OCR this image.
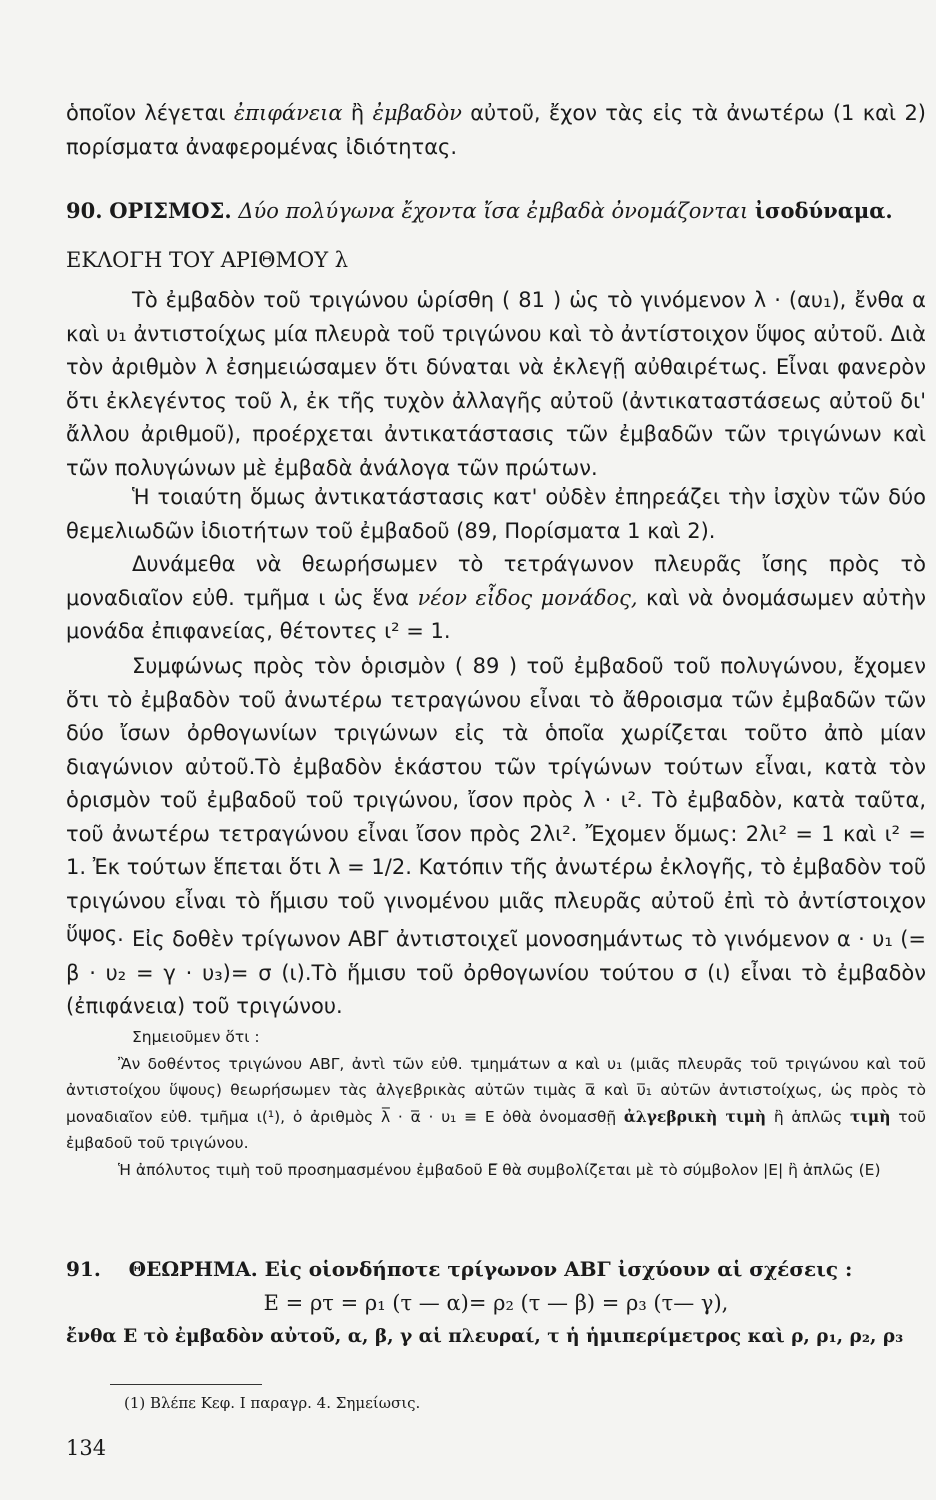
ὁποῖον λέγεται ἐπιφάνεια ἢ ἐμβαδὸν αὐτοῦ, ἔχον τὰς εἰς τὰ ἀνωτέρω (1 καὶ 2) πορίσματα ἀναφερομένας ἰδιότητας.

90. ΟΡΙΣΜΟΣ. Δύο πολύγωνα ἔχοντα ἴσα ἐμβαδὰ ὀνομάζονται ἰσοδύναμα.

ΕΚΛΟΓΗ ΤΟΥ ΑΡΙΘΜΟΥ λ

Τὸ ἐμβαδὸν τοῦ τριγώνου ὡρίσθη ( 81 ) ὡς τὸ γινόμενον λ · (αυ₁), ἔνθα α καὶ υ₁ ἀντιστοίχως μία πλευρὰ τοῦ τριγώνου καὶ τὸ ἀντίστοιχον ὕψος αὐτοῦ. Διὰ τὸν ἀριθμὸν λ ἐσημειώσαμεν ὅτι δύναται νὰ ἐκλεγῇ αὐθαιρέτως. Εἶναι φανερὸν ὅτι ἐκλεγέντος τοῦ λ, ἐκ τῆς τυχὸν ἀλλαγῆς αὐτοῦ (ἀντικαταστάσεως αὐτοῦ δι' ἄλλου ἀριθμοῦ), προέρχεται ἀντικατάστασις τῶν ἐμβαδῶν τῶν τριγώνων καὶ τῶν πολυγώνων μὲ ἐμβαδὰ ἀνάλογα τῶν πρώτων.

Ἡ τοιαύτη ὅμως ἀντικατάστασις κατ' οὐδὲν ἐπηρεάζει τὴν ἰσχὺν τῶν δύο θεμελιωδῶν ἰδιοτήτων τοῦ ἐμβαδοῦ (89, Πορίσματα 1 καὶ 2).

Δυνάμεθα νὰ θεωρήσωμεν τὸ τετράγωνον πλευρᾶς ἴσης πρὸς τὸ μοναδιαῖον εὐθ. τμῆμα ι ὡς ἕνα νέον εἶδος μονάδος, καὶ νὰ ὀνομάσωμεν αὐτὴν μονάδα ἐπιφανείας, θέτοντες ι² = 1.

Συμφώνως πρὸς τὸν ὁρισμὸν ( 89 ) τοῦ ἐμβαδοῦ τοῦ πολυγώνου, ἔχομεν ὅτι τὸ ἐμβαδὸν τοῦ ἀνωτέρω τετραγώνου εἶναι τὸ ἄθροισμα τῶν ἐμβαδῶν τῶν δύο ἴσων ὀρθογωνίων τριγώνων εἰς τὰ ὁποῖα χωρίζεται τοῦτο ἀπὸ μίαν διαγώνιον αὐτοῦ.Τὸ ἐμβαδὸν ἑκάστου τῶν τρίγώνων τούτων εἶναι, κατὰ τὸν ὁρισμὸν τοῦ ἐμβαδοῦ τοῦ τριγώνου, ἴσον πρὸς λ · ι². Τὸ ἐμβαδὸν, κατὰ ταῦτα, τοῦ ἀνωτέρω τετραγώνου εἶναι ἴσον πρὸς 2λι². Ἔχομεν ὅμως: 2λι² = 1 καὶ ι² = 1. Ἐκ τούτων ἕπεται ὅτι λ = 1/2. Κατόπιν τῆς ἀνωτέρω ἐκλογῆς, τὸ ἐμβαδὸν τοῦ τριγώνου εἶναι τὸ ἥμισυ τοῦ γινομένου μιᾶς πλευρᾶς αὐτοῦ ἐπὶ τὸ ἀντίστοιχον ὕψος. Εἰς δοθὲν τρίγωνον ΑΒΓ ἀντιστοιχεῖ μονοσημάντως τὸ γινόμενον α · υ₁ (= β · υ₂ = γ · υ₃)= σ (ι).Τὸ ἥμισυ τοῦ ὀρθογωνίου τούτου σ (ι) εἶναι τὸ ἐμβαδὸν (ἐπιφάνεια) τοῦ τριγώνου.

Σημειοῦμεν ὅτι :

Ἂν δοθέντος τριγώνου ΑΒΓ, ἀντὶ τῶν εὐθ. τμημάτων α καὶ υ₁ (μιᾶς πλευρᾶς τοῦ τριγώνου καὶ τοῦ ἀντιστοίχου ὕψους) θεωρήσωμεν τὰς ἀλγεβρικὰς αὐτῶν τιμὰς α̅ καὶ υ̅₁ αὐτῶν ἀντιστοίχως, ὡς πρὸς τὸ μοναδιαῖον εὐθ. τμῆμα ι(¹), ὁ ἀριθμὸς λ̅ · α̅ · υ₁ ≡ Ε ὀθὰ ὀνομασθῇ ἀλγεβρικὴ τιμὴ ἢ ἁπλῶς τιμὴ τοῦ ἐμβαδοῦ τοῦ τριγώνου.

Ἡ ἀπόλυτος τιμὴ τοῦ προσημασμένου ἐμβαδοῦ Ε̅ θὰ συμβολίζεται μὲ τὸ σύμβολον |Ε| ἢ ἁπλῶς (Ε)

91. ΘΕΩΡΗΜΑ. Εἰς οἱονδήποτε τρίγωνον ΑΒΓ ἰσχύουν αἱ σχέσεις :

Ε = ρτ = ρ₁ (τ — α)= ρ₂ (τ — β) = ρ₃ (τ— γ),

ἔνθα Ε τὸ ἐμβαδὸν αὐτοῦ, α, β, γ αἱ πλευραί, τ ἡ ἡμιπερίμετρος καὶ ρ, ρ₁, ρ₂, ρ₃

(1) Βλέπε Κεφ. Ι παραγρ. 4. Σημείωσις.
134
